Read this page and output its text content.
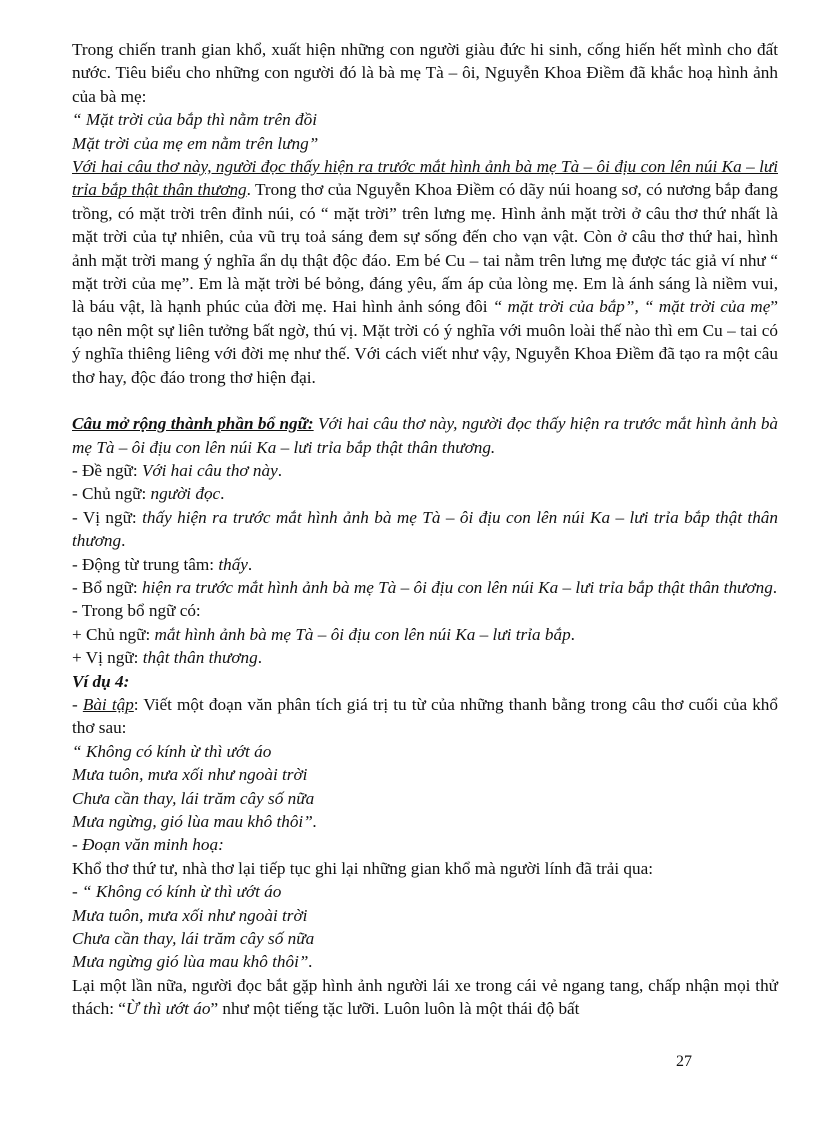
Trong chiến tranh gian khổ, xuất hiện những con người giàu đức hi sinh, cống hiến hết mình cho đất nước. Tiêu biểu cho những con người đó là bà mẹ Tà – ôi, Nguyễn Khoa Điềm đã khắc hoạ hình ảnh của bà mẹ:

“ Mặt trời của bắp thì nằm trên đồi

Mặt trời của mẹ em nằm trên lưng”

Với hai câu thơ này, người đọc thấy hiện ra trước mắt hình ảnh bà mẹ Tà – ôi địu con lên núi Ka – lưi trỉa bắp thật thân thương. Trong thơ của Nguyễn Khoa Điềm có dãy núi hoang sơ, có nương bắp đang trồng, có mặt trời trên đỉnh núi, có “ mặt trời” trên lưng mẹ. Hình ảnh mặt trời ở câu thơ thứ nhất là mặt trời của tự nhiên, của vũ trụ toả sáng đem sự sống đến cho vạn vật. Còn ở câu thơ thứ hai, hình ảnh mặt trời mang ý nghĩa ẩn dụ thật độc đáo. Em bé Cu – tai nằm trên lưng mẹ được tác giả ví như “ mặt trời của mẹ”. Em là mặt trời bé bỏng, đáng yêu, ấm áp của lòng mẹ. Em là ánh sáng là niềm vui, là báu vật, là hạnh phúc của đời mẹ. Hai hình ảnh sóng đôi “ mặt trời của bắp”, “ mặt trời của mẹ” tạo nên một sự liên tưởng bất ngờ, thú vị. Mặt trời có ý nghĩa với muôn loài thế nào thì em Cu – tai có ý nghĩa thiêng liêng với đời mẹ như thế. Với cách viết như vậy, Nguyễn Khoa Điềm đã tạo ra một câu thơ hay, độc đáo trong thơ hiện đại.

Câu mở rộng thành phần bổ ngữ: Với hai câu thơ này, người đọc thấy hiện ra trước mắt hình ảnh bà mẹ Tà – ôi địu con lên núi Ka – lưi trỉa bắp thật thân thương.

- Đề ngữ: Với hai câu thơ này.

- Chủ ngữ: người đọc.

- Vị ngữ: thấy hiện ra trước mắt hình ảnh bà mẹ Tà – ôi địu con lên núi Ka – lưi trỉa bắp thật thân thương.

- Động từ trung tâm: thấy.

- Bổ ngữ: hiện ra trước mắt hình ảnh bà mẹ Tà – ôi địu con lên núi Ka – lưi trỉa bắp thật thân thương.

- Trong bổ ngữ có:

+ Chủ ngữ: mắt hình ảnh bà mẹ Tà – ôi địu con lên núi Ka – lưi trỉa bắp.

+ Vị ngữ: thật thân thương.

Ví dụ 4:

- Bài tập: Viết một đoạn văn phân tích giá trị tu từ của những thanh bằng trong câu thơ cuối của khổ thơ sau:

“ Không có kính ừ thì ướt áo

Mưa tuôn, mưa xối như ngoài trời

Chưa cần thay, lái trăm cây số nữa

Mưa ngừng, gió lùa mau khô thôi”.

- Đoạn văn minh hoạ:

Khổ thơ thứ tư, nhà thơ lại tiếp tục ghi lại những gian khổ mà người lính đã trải qua:

- “ Không có kính ừ thì ướt áo

Mưa tuôn, mưa xối như ngoài trời

Chưa cần thay, lái trăm cây số nữa

Mưa ngừng gió lùa mau khô thôi”.

Lại một lần nữa, người đọc bắt gặp hình ảnh người lái xe trong cái vẻ ngang tang, chấp nhận mọi thử thách: “Ừ thì ướt áo” như một tiếng tặc lưỡi. Luôn luôn là một thái độ bất

27
